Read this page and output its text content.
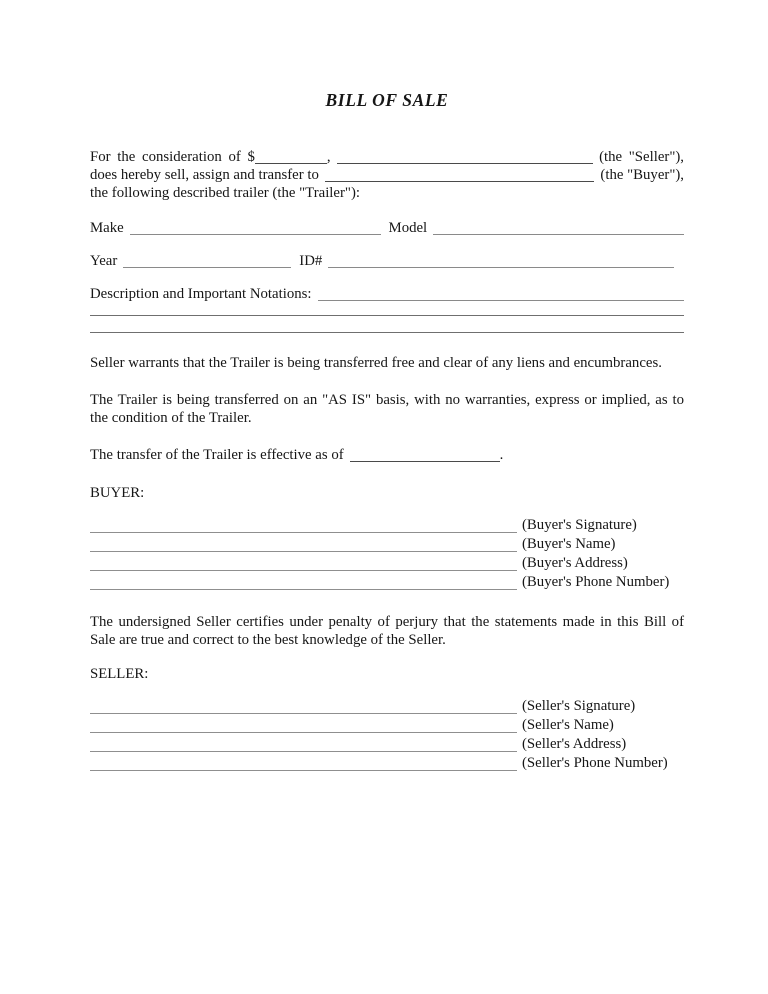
BILL OF SALE
For the consideration of $	,	(the "Seller"),
does hereby sell, assign and transfer to	(the "Buyer"),
the following described trailer (the "Trailer"):
Make	Model
Year	ID#
Description and Important Notations:
Seller warrants that the Trailer is being transferred free and clear of any liens and encumbrances.
The Trailer is being transferred on an "AS IS" basis, with no warranties, express or implied, as to the condition of the Trailer.
The transfer of the Trailer is effective as of	.
BUYER:
(Buyer's Signature)
(Buyer's Name)
(Buyer's Address)
(Buyer's Phone Number)
The undersigned Seller certifies under penalty of perjury that the statements made in this Bill of Sale are true and correct to the best knowledge of the Seller.
SELLER:
(Seller's Signature)
(Seller's Name)
(Seller's Address)
(Seller's Phone Number)
